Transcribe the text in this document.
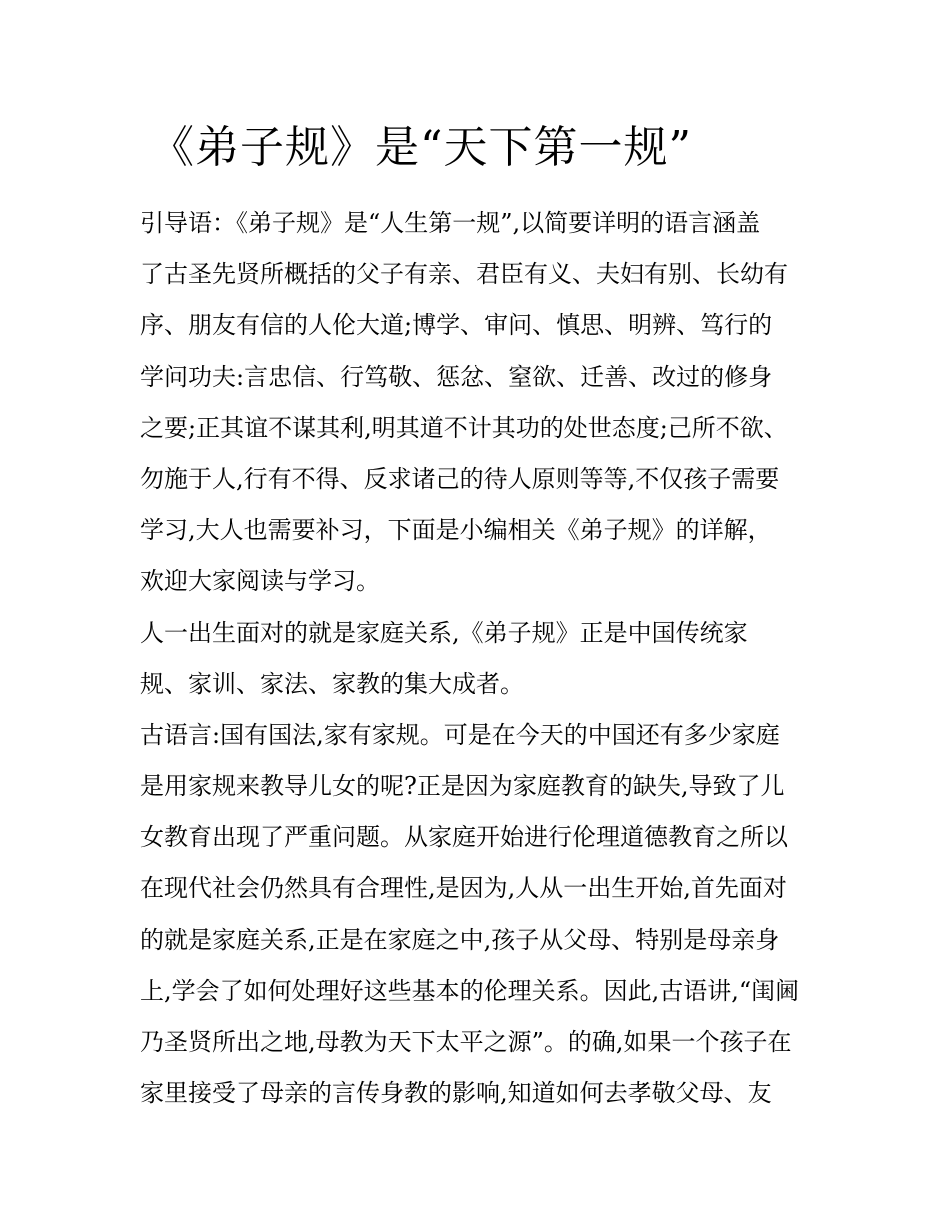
《弟子规》是“天下第一规”
引导语：《弟子规》是“人生第一规”,以简要详明的语言涵盖
了古圣先贤所概括的父子有亲、君臣有义、夫妇有别、长幼有
序、朋友有信的人伦大道;博学、审问、慎思、明辨、笃行的
学问功夫:言忠信、行笃敬、惩忿、窒欲、迁善、改过的修身
之要;正其谊不谋其利,明其道不计其功的处世态度;己所不欲、
勿施于人,行有不得、反求诸己的待人原则等等,不仅孩子需要
学习,大人也需要补习，下面是小编相关《弟子规》的详解，
欢迎大家阅读与学习。
人一出生面对的就是家庭关系,《弟子规》正是中国传统家
规、家训、家法、家教的集大成者。
古语言:国有国法,家有家规。可是在今天的中国还有多少家庭
是用家规来教导儿女的呢?正是因为家庭教育的缺失,导致了儿
女教育出现了严重问题。从家庭开始进行伦理道德教育之所以
在现代社会仍然具有合理性,是因为,人从一出生开始,首先面对
的就是家庭关系,正是在家庭之中,孩子从父母、特别是母亲身
上,学会了如何处理好这些基本的伦理关系。因此,古语讲,“闺阃
乃圣贤所出之地,母教为天下太平之源”。的确,如果一个孩子在
家里接受了母亲的言传身教的影响,知道如何去孝敬父母、友
